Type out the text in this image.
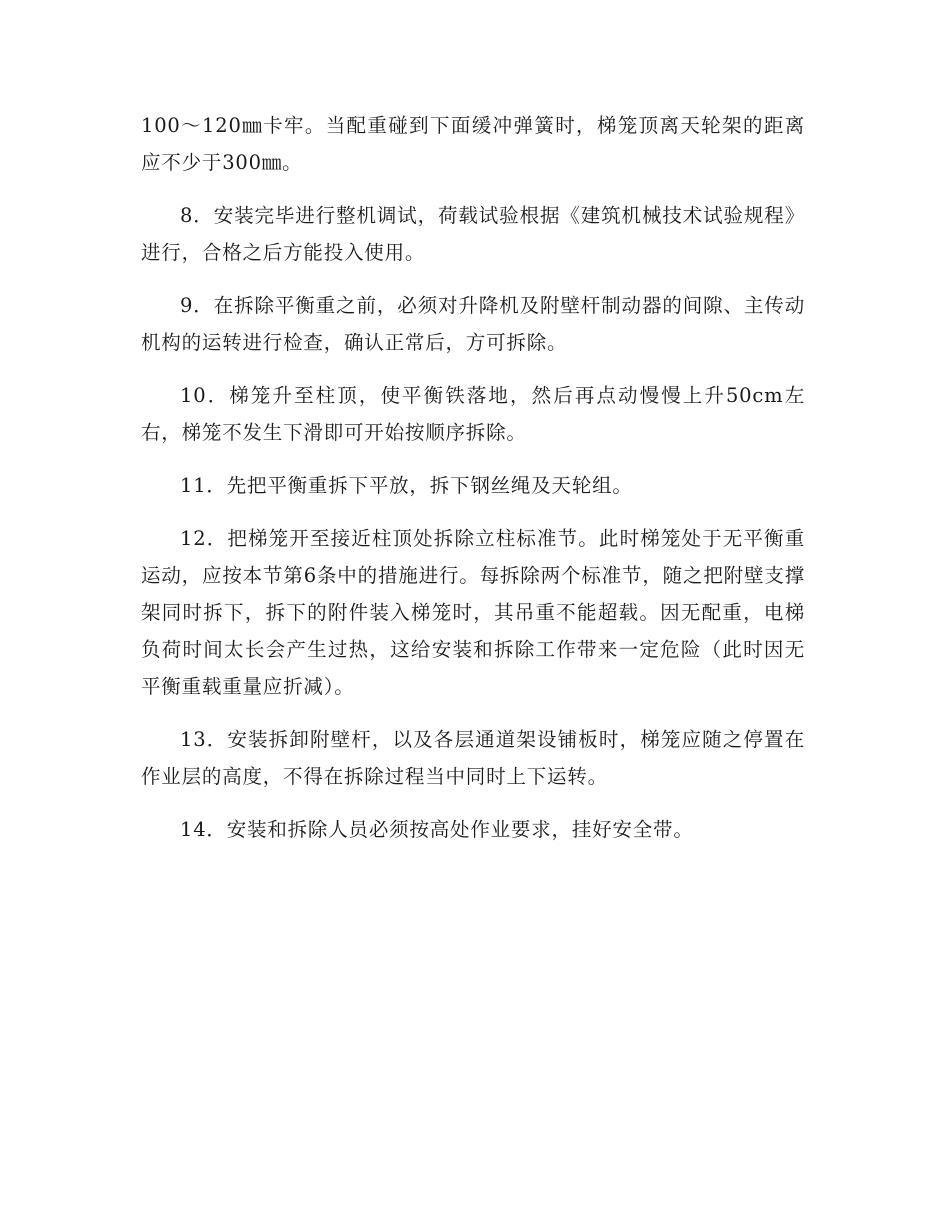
100～120㎜卡牢。当配重碰到下面缓冲弹簧时，梯笼顶离天轮架的距离应不少于300㎜。

8．安装完毕进行整机调试，荷载试验根据《建筑机械技术试验规程》进行，合格之后方能投入使用。

9．在拆除平衡重之前，必须对升降机及附壁杆制动器的间隙、主传动机构的运转进行检查，确认正常后，方可拆除。

10．梯笼升至柱顶，使平衡铁落地，然后再点动慢慢上升50cm左右，梯笼不发生下滑即可开始按顺序拆除。

11．先把平衡重拆下平放，拆下钢丝绳及天轮组。

12．把梯笼开至接近柱顶处拆除立柱标准节。此时梯笼处于无平衡重运动，应按本节第6条中的措施进行。每拆除两个标准节，随之把附壁支撑架同时拆下，拆下的附件装入梯笼时，其吊重不能超载。因无配重，电梯负荷时间太长会产生过热，这给安装和拆除工作带来一定危险（此时因无平衡重载重量应折减）。

13．安装拆卸附壁杆，以及各层通道架设铺板时，梯笼应随之停置在作业层的高度，不得在拆除过程当中同时上下运转。

14．安装和拆除人员必须按高处作业要求，挂好安全带。
